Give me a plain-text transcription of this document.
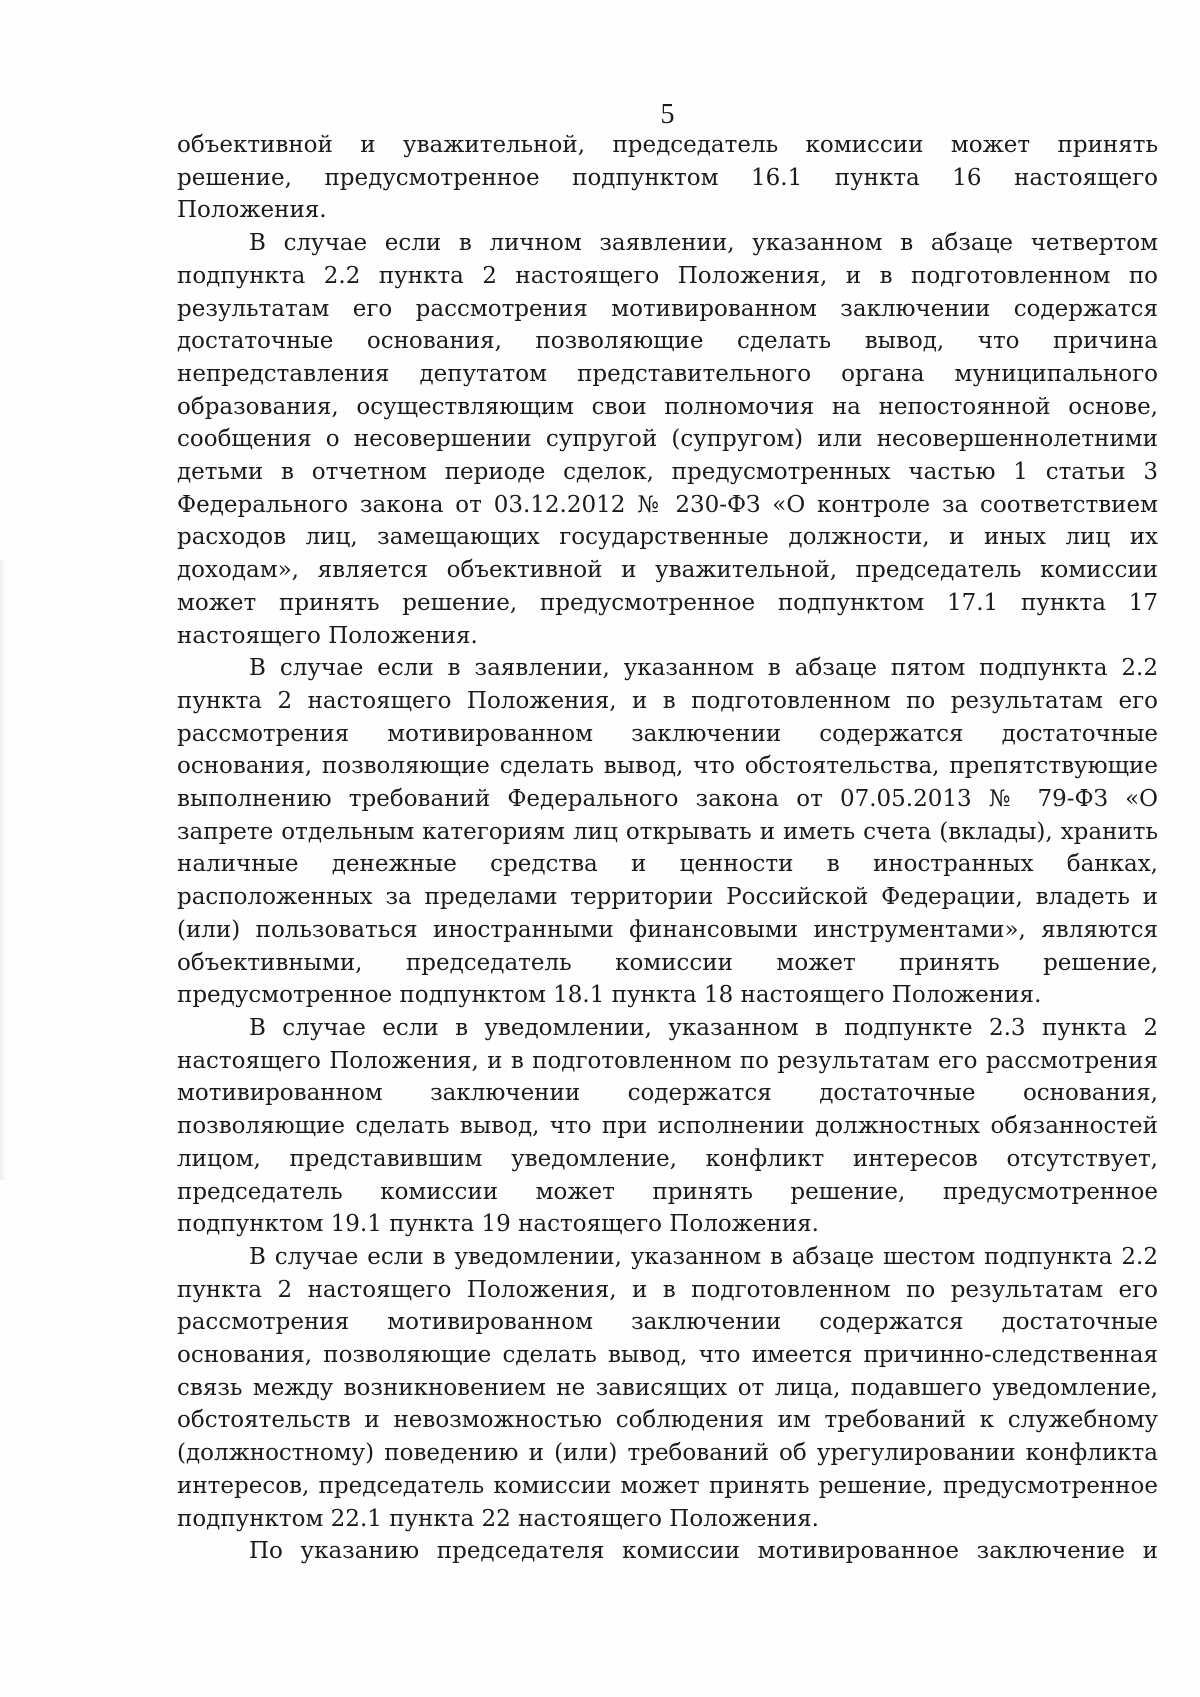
5

объективной и уважительной, председатель комиссии может принять решение, предусмотренное подпунктом 16.1 пункта 16 настоящего Положения.

В случае если в личном заявлении, указанном в абзаце четвертом подпункта 2.2 пункта 2 настоящего Положения, и в подготовленном по результатам его рассмотрения мотивированном заключении содержатся достаточные основания, позволяющие сделать вывод, что причина непредставления депутатом представительного органа муниципального образования, осуществляющим свои полномочия на непостоянной основе, сообщения о несовершении супругой (супругом) или несовершеннолетними детьми в отчетном периоде сделок, предусмотренных частью 1 статьи 3 Федерального закона от 03.12.2012 № 230-ФЗ «О контроле за соответствием расходов лиц, замещающих государственные должности, и иных лиц их доходам», является объективной и уважительной, председатель комиссии может принять решение, предусмотренное подпунктом 17.1 пункта 17 настоящего Положения.

В случае если в заявлении, указанном в абзаце пятом подпункта 2.2 пункта 2 настоящего Положения, и в подготовленном по результатам его рассмотрения мотивированном заключении содержатся достаточные основания, позволяющие сделать вывод, что обстоятельства, препятствующие выполнению требований Федерального закона от 07.05.2013 № 79-ФЗ «О запрете отдельным категориям лиц открывать и иметь счета (вклады), хранить наличные денежные средства и ценности в иностранных банках, расположенных за пределами территории Российской Федерации, владеть и (или) пользоваться иностранными финансовыми инструментами», являются объективными, председатель комиссии может принять решение, предусмотренное подпунктом 18.1 пункта 18 настоящего Положения.

В случае если в уведомлении, указанном в подпункте 2.3 пункта 2 настоящего Положения, и в подготовленном по результатам его рассмотрения мотивированном заключении содержатся достаточные основания, позволяющие сделать вывод, что при исполнении должностных обязанностей лицом, представившим уведомление, конфликт интересов отсутствует, председатель комиссии может принять решение, предусмотренное подпунктом 19.1 пункта 19 настоящего Положения.

В случае если в уведомлении, указанном в абзаце шестом подпункта 2.2 пункта 2 настоящего Положения, и в подготовленном по результатам его рассмотрения мотивированном заключении содержатся достаточные основания, позволяющие сделать вывод, что имеется причинно-следственная связь между возникновением не зависящих от лица, подавшего уведомление, обстоятельств и невозможностью соблюдения им требований к служебному (должностному) поведению и (или) требований об урегулировании конфликта интересов, председатель комиссии может принять решение, предусмотренное подпунктом 22.1 пункта 22 настоящего Положения.

По указанию председателя комиссии мотивированное заключение и
